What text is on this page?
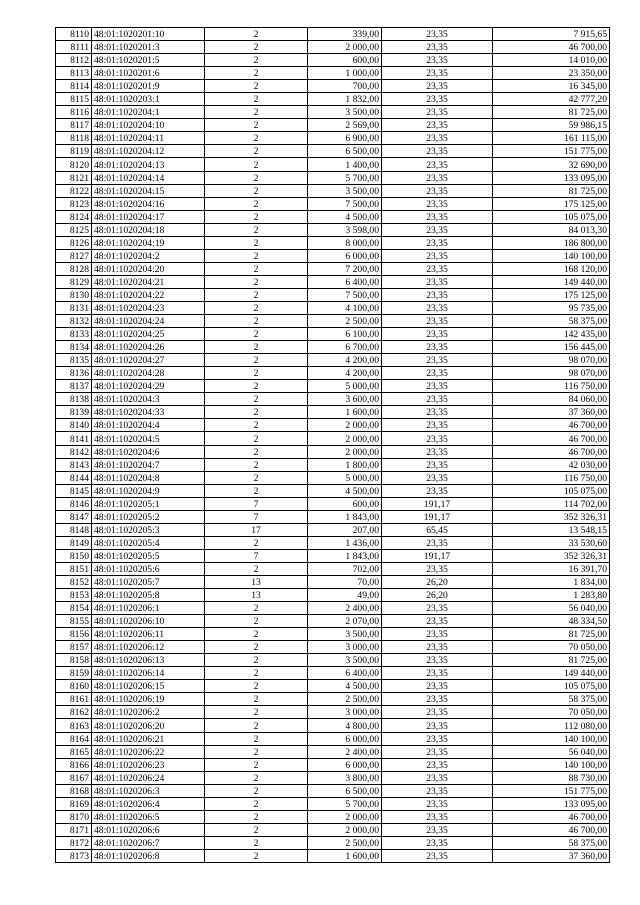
8110	48:01:1020201:10	2	339,00	23,35	7 915,65
8111	48:01:1020201:3	2	2 000,00	23,35	46 700,00
8112	48:01:1020201:5	2	600,00	23,35	14 010,00
8113	48:01:1020201:6	2	1 000,00	23,35	23 350,00
8114	48:01:1020201:9	2	700,00	23,35	16 345,00
8115	48:01:1020203:1	2	1 832,00	23,35	42 777,20
8116	48:01:1020204:1	2	3 500,00	23,35	81 725,00
8117	48:01:1020204:10	2	2 569,00	23,35	59 986,15
8118	48:01:1020204:11	2	6 900,00	23,35	161 115,00
8119	48:01:1020204:12	2	6 500,00	23,35	151 775,00
8120	48:01:1020204:13	2	1 400,00	23,35	32 690,00
8121	48:01:1020204:14	2	5 700,00	23,35	133 095,00
8122	48:01:1020204:15	2	3 500,00	23,35	81 725,00
8123	48:01:1020204:16	2	7 500,00	23,35	175 125,00
8124	48:01:1020204:17	2	4 500,00	23,35	105 075,00
8125	48:01:1020204:18	2	3 598,00	23,35	84 013,30
8126	48:01:1020204:19	2	8 000,00	23,35	186 800,00
8127	48:01:1020204:2	2	6 000,00	23,35	140 100,00
8128	48:01:1020204:20	2	7 200,00	23,35	168 120,00
8129	48:01:1020204:21	2	6 400,00	23,35	149 440,00
8130	48:01:1020204:22	2	7 500,00	23,35	175 125,00
8131	48:01:1020204:23	2	4 100,00	23,35	95 735,00
8132	48:01:1020204:24	2	2 500,00	23,35	58 375,00
8133	48:01:1020204:25	2	6 100,00	23,35	142 435,00
8134	48:01:1020204:26	2	6 700,00	23,35	156 445,00
8135	48:01:1020204:27	2	4 200,00	23,35	98 070,00
8136	48:01:1020204:28	2	4 200,00	23,35	98 070,00
8137	48:01:1020204:29	2	5 000,00	23,35	116 750,00
8138	48:01:1020204:3	2	3 600,00	23,35	84 060,00
8139	48:01:1020204:33	2	1 600,00	23,35	37 360,00
8140	48:01:1020204:4	2	2 000,00	23,35	46 700,00
8141	48:01:1020204:5	2	2 000,00	23,35	46 700,00
8142	48:01:1020204:6	2	2 000,00	23,35	46 700,00
8143	48:01:1020204:7	2	1 800,00	23,35	42 030,00
8144	48:01:1020204:8	2	5 000,00	23,35	116 750,00
8145	48:01:1020204:9	2	4 500,00	23,35	105 075,00
8146	48:01:1020205:1	7	600,00	191,17	114 702,00
8147	48:01:1020205:2	7	1 843,00	191,17	352 326,31
8148	48:01:1020205:3	17	207,00	65,45	13 548,15
8149	48:01:1020205:4	2	1 436,00	23,35	33 530,60
8150	48:01:1020205:5	7	1 843,00	191,17	352 326,31
8151	48:01:1020205:6	2	702,00	23,35	16 391,70
8152	48:01:1020205:7	13	70,00	26,20	1 834,00
8153	48:01:1020205:8	13	49,00	26,20	1 283,80
8154	48:01:1020206:1	2	2 400,00	23,35	56 040,00
8155	48:01:1020206:10	2	2 070,00	23,35	48 334,50
8156	48:01:1020206:11	2	3 500,00	23,35	81 725,00
8157	48:01:1020206:12	2	3 000,00	23,35	70 050,00
8158	48:01:1020206:13	2	3 500,00	23,35	81 725,00
8159	48:01:1020206:14	2	6 400,00	23,35	149 440,00
8160	48:01:1020206:15	2	4 500,00	23,35	105 075,00
8161	48:01:1020206:19	2	2 500,00	23,35	58 375,00
8162	48:01:1020206:2	2	3 000,00	23,35	70 050,00
8163	48:01:1020206:20	2	4 800,00	23,35	112 080,00
8164	48:01:1020206:21	2	6 000,00	23,35	140 100,00
8165	48:01:1020206:22	2	2 400,00	23,35	56 040,00
8166	48:01:1020206:23	2	6 000,00	23,35	140 100,00
8167	48:01:1020206:24	2	3 800,00	23,35	88 730,00
8168	48:01:1020206:3	2	6 500,00	23,35	151 775,00
8169	48:01:1020206:4	2	5 700,00	23,35	133 095,00
8170	48:01:1020206:5	2	2 000,00	23,35	46 700,00
8171	48:01:1020206:6	2	2 000,00	23,35	46 700,00
8172	48:01:1020206:7	2	2 500,00	23,35	58 375,00
8173	48:01:1020206:8	2	1 600,00	23,35	37 360,00
